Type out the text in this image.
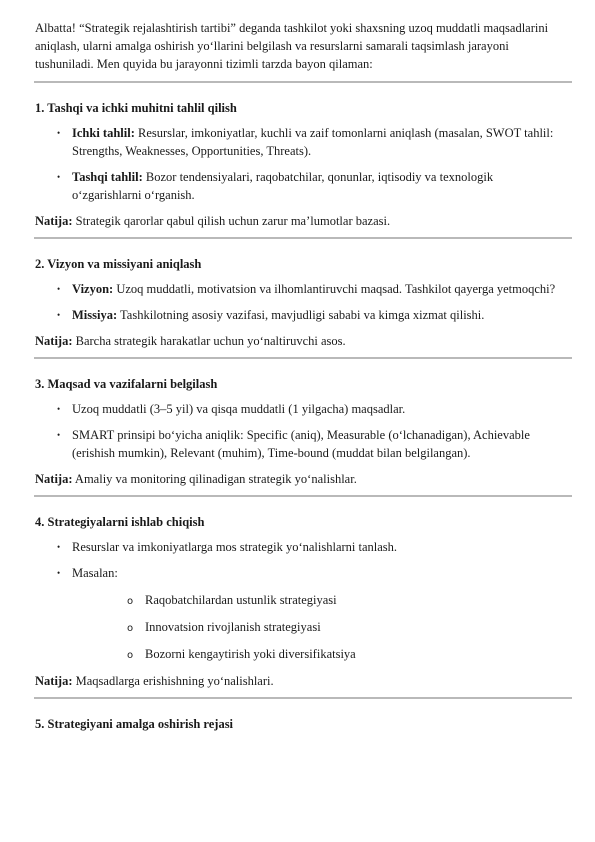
Albatta! “Strategik rejalashtirish tartibi” deganda tashkilot yoki shaxsning uzoq muddatli maqsadlarini aniqlash, ularni amalga oshirish yo‘llarini belgilash va resurslarni samarali taqsimlash jarayoni tushuniladi. Men quyida bu jarayonni tizimli tarzda bayon qilaman:

1. Tashqi va ichki muhitni tahlil qilish
• Ichki tahlil: Resurslar, imkoniyatlar, kuchli va zaif tomonlarni aniqlash (masalan, SWOT tahlil: Strengths, Weaknesses, Opportunities, Threats).
• Tashqi tahlil: Bozor tendensiyalari, raqobatchilar, qonunlar, iqtisodiy va texnologik o‘zgarishlarni o‘rganish.

Natija: Strategik qarorlar qabul qilish uchun zarur ma’lumotlar bazasi.

2. Vizyon va missiyani aniqlash
• Vizyon: Uzoq muddatli, motivatsion va ilhomlantiruvchi maqsad. Tashkilot qayerga yetmoqchi?
• Missiya: Tashkilotning asosiy vazifasi, mavjudligi sababi va kimga xizmat qilishi.

Natija: Barcha strategik harakatlar uchun yo‘naltiruvchi asos.

3. Maqsad va vazifalarni belgilash
• Uzoq muddatli (3–5 yil) va qisqa muddatli (1 yilgacha) maqsadlar.
• SMART prinsipi bo‘yicha aniqlik: Specific (aniq), Measurable (o‘lchanadigan), Achievable (erishish mumkin), Relevant (muhim), Time-bound (muddat bilan belgilangan).

Natija: Amaliy va monitoring qilinadigan strategik yo‘nalishlar.

4. Strategiyalarni ishlab chiqish
• Resurslar va imkoniyatlarga mos strategik yo‘nalishlarni tanlash.
• Masalan:
o Raqobatchilardan ustunlik strategiyasi
o Innovatsion rivojlanish strategiyasi
o Bozorni kengaytirish yoki diversifikatsiya

Natija: Maqsadlarga erishishning yo‘nalishlari.

5. Strategiyani amalga oshirish rejasi
